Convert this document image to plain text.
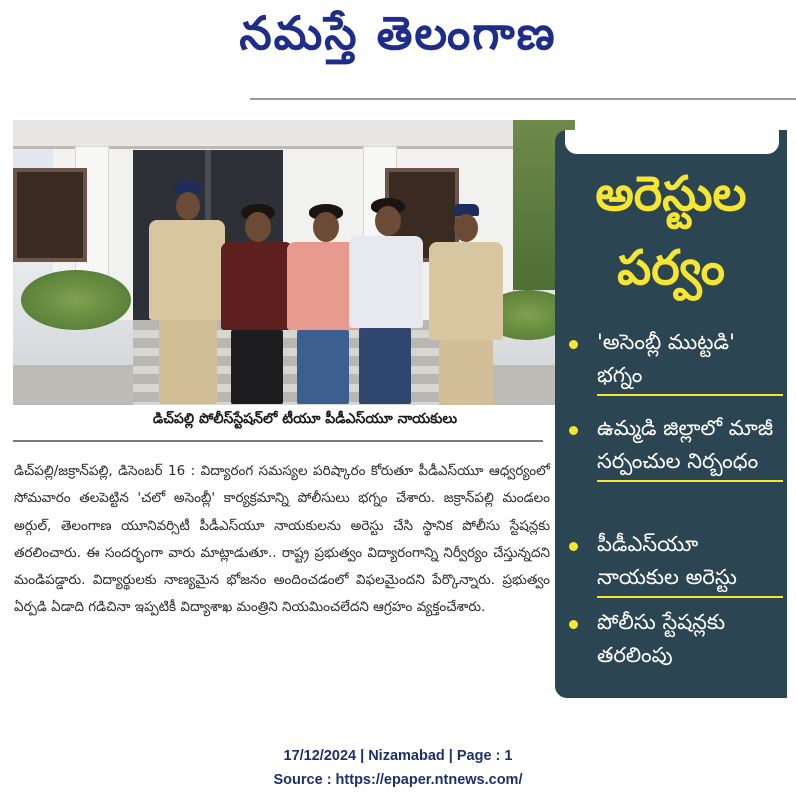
నమస్తే తెలంగాణ
డిచ్‌పల్లి పోలీస్‌స్టేషన్‌లో టీయూ పీడీఎస్‌యూ నాయకులు
డిచ్‌పల్లి/జక్రాన్‌పల్లి, డిసెంబర్ 16 : విద్యారంగ సమస్యల పరిష్కారం కోరుతూ పీడీఎస్‌యూ ఆధ్వర్యంలో సోమవారం తలపెట్టిన 'చలో అసెంబ్లీ' కార్యక్రమాన్ని పోలీసులు భగ్నం చేశారు. జక్రాన్‌పల్లి మండలం అర్గుల్, తెలంగాణ యూనివర్సిటీ పీడీఎస్‌యూ నాయకులను అరెస్టు చేసి స్థానిక పోలీసు స్టేషన్లకు తరలించారు. ఈ సందర్భంగా వారు మాట్లాడుతూ.. రాష్ట్ర ప్రభుత్వం విద్యారంగాన్ని నిర్వీర్యం చేస్తున్నదని మండిపడ్డారు. విద్యార్థులకు నాణ్యమైన భోజనం అందించడంలో విఫలమైందని పేర్కొన్నారు. ప్రభుత్వం ఏర్పడి ఏడాది గడిచినా ఇప్పటికీ విద్యాశాఖ మంత్రిని నియమించలేదని ఆగ్రహం వ్యక్తంచేశారు.
అరెస్టుల
పర్వం
'అసెంబ్లీ ముట్టడి' భగ్నం
ఉమ్మడి జిల్లాలో మాజీ సర్పంచుల నిర్బంధం
పీడీఎస్‌యూ నాయకుల అరెస్టు
పోలీసు స్టేషన్లకు తరలింపు
17/12/2024 | Nizamabad | Page : 1
Source : https://epaper.ntnews.com/
